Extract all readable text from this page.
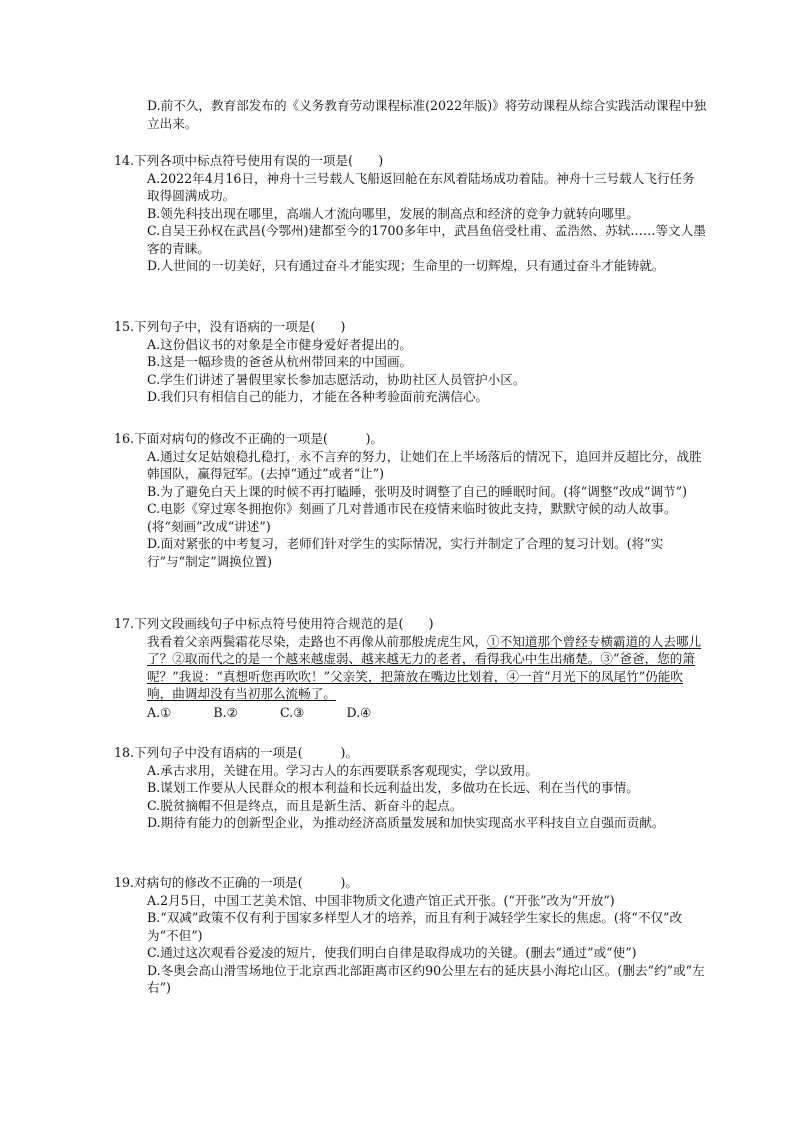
D.前不久，教育部发布的《义务教育劳动课程标准(2022年版)》将劳动课程从综合实践活动课程中独立出来。

14.下列各项中标点符号使用有误的一项是(　　)

A.2022年4月16日，神舟十三号载人飞船返回舱在东风着陆场成功着陆。神舟十三号载人飞行任务取得圆满成功。

B.领先科技出现在哪里，高端人才流向哪里，发展的制高点和经济的竞争力就转向哪里。

C.自吴王孙权在武昌(今鄂州)建都至今的1700多年中，武昌鱼倍受杜甫、孟浩然、苏轼……等文人墨客的青睐。

D.人世间的一切美好，只有通过奋斗才能实现；生命里的一切辉煌，只有通过奋斗才能铸就。

15.下列句子中，没有语病的一项是(　　)

A.这份倡议书的对象是全市健身爱好者提出的。

B.这是一幅珍贵的爸爸从杭州带回来的中国画。

C.学生们讲述了暑假里家长参加志愿活动，协助社区人员管护小区。

D.我们只有相信自己的能力，才能在各种考验面前充满信心。

16.下面对病句的修改不正确的一项是(　　　)。

A.通过女足姑娘稳扎稳打，永不言弃的努力，让她们在上半场落后的情况下，追回并反超比分，战胜韩国队，赢得冠军。(去掉“通过”或者“让”)

B.为了避免白天上课的时候不再打瞌睡，张明及时调整了自己的睡眠时间。(将“调整”改成“调节”)

C.电影《穿过寒冬拥抱你》刻画了几对普通市民在疫情来临时彼此支持，默默守候的动人故事。(将“刻画”改成“讲述”)

D.面对紧张的中考复习，老师们针对学生的实际情况，实行并制定了合理的复习计划。(将“实行”与“制定”调换位置)

17.下列文段画线句子中标点符号使用符合规范的是(　　)

我看着父亲两鬓霜花尽染，走路也不再像从前那般虎虎生风，①不知道那个曾经专横霸道的人去哪儿了？②取而代之的是一个越来越虚弱、越来越无力的老者，看得我心中生出痛楚。③“爸爸，您的箫呢？”我说：“真想听您再吹吹！”父亲笑，把箫放在嘴边比划着，④一首“月光下的凤尾竹”仍能吹响，曲调却没有当初那么流畅了。

A.①	B.②	C.③	D.④

18.下列句子中没有语病的一项是(　　　)。

A.承古求用，关键在用。学习古人的东西要联系客观现实，学以致用。

B.谋划工作要从人民群众的根本利益和长远利益出发，多做功在长远、利在当代的事情。

C.脱贫摘帽不但是终点，而且是新生活、新奋斗的起点。

D.期待有能力的创新型企业，为推动经济高质量发展和加快实现高水平科技自立自强而贡献。

19.对病句的修改不正确的一项是(　　　)。

A.2月5日，中国工艺美术馆、中国非物质文化遗产馆正式开张。(“开张”改为“开放”)

B.“双减”政策不仅有利于国家多样型人才的培养，而且有利于减轻学生家长的焦虑。(将“不仅”改为“不但”)

C.通过这次观看谷爱凌的短片，使我们明白自律是取得成功的关键。(删去“通过”或“使”)

D.冬奥会高山滑雪场地位于北京西北部距离市区约90公里左右的延庆县小海坨山区。(删去“约”或“左右”)
